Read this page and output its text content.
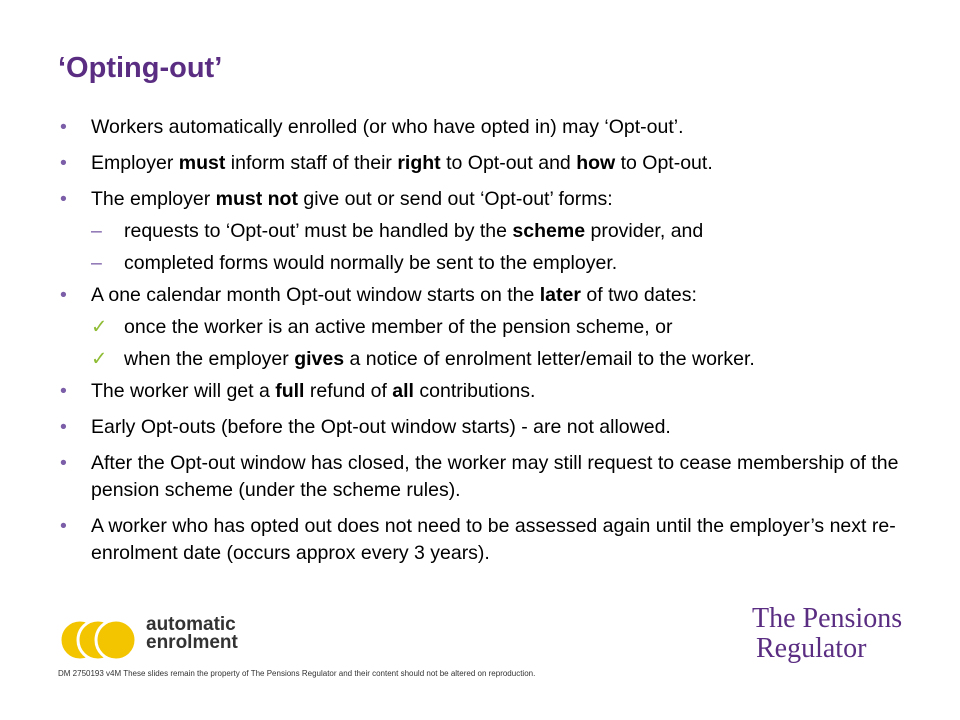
‘Opting-out’
• Workers automatically enrolled (or who have opted in) may ‘Opt-out’.
• Employer must inform staff of their right to Opt-out and how to Opt-out.
• The employer must not give out or send out ‘Opt-out’ forms:
– requests to ‘Opt-out’ must be handled by the scheme provider, and
– completed forms would normally be sent to the employer.
• A one calendar month Opt-out window starts on the later of two dates:
✓ once the worker is an active member of the pension scheme, or
✓ when the employer gives a notice of enrolment letter/email to the worker.
• The worker will get a full refund of all contributions.
• Early Opt-outs (before the Opt-out window starts) - are not allowed.
• After the Opt-out window has closed, the worker may still request to cease membership of the pension scheme (under the scheme rules).
• A worker who has opted out does not need to be assessed again until the employer’s next re-enrolment date (occurs approx every 3 years).
automatic
enrolment
The Pensions
Regulator
DM 2750193 v4M These slides remain the property of The Pensions Regulator and their content should not be altered on reproduction.
